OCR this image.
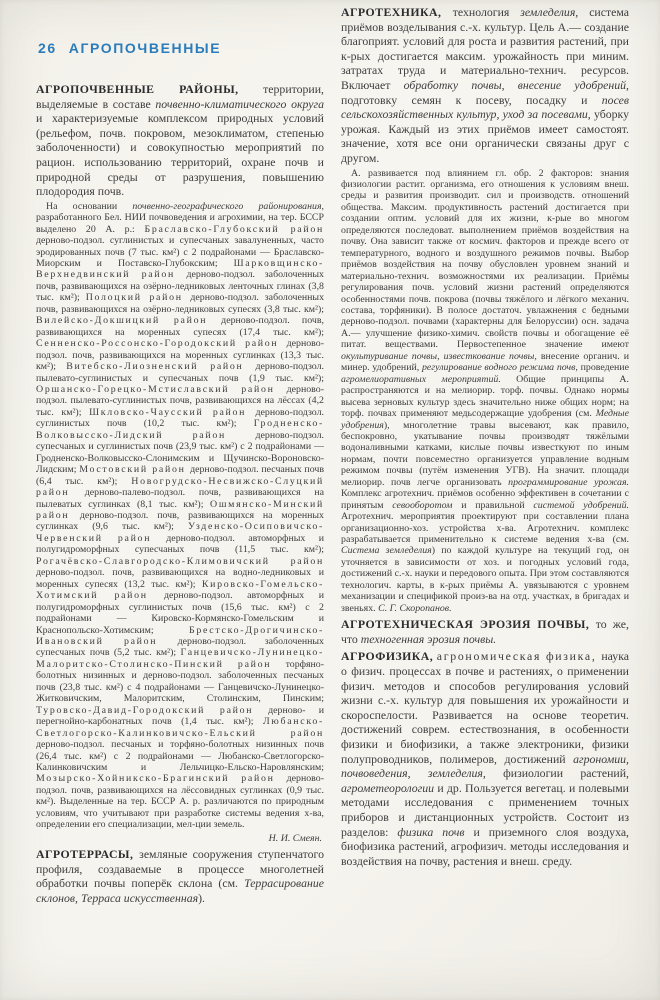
26 АГРОПОЧВЕННЫЕ

АГРОПОЧВЕННЫЕ РАЙОНЫ, территории, выделяемые в составе почвенно-климатического округа и характеризуемые комплексом природных условий (рельефом, почв. покровом, мезоклиматом, степенью заболоченности) и совокупностью мероприятий по рацион. использованию территорий, охране почв и природной среды от разрушения, повышению плодородия почв.

На основании почвенно-географического районирования, разработанного Бел. НИИ почвоведения и агрохимии, на тер. БССР выделено 20 А. р.: Браславско-Глубокский район дерново-подзол. суглинистых и супесчаных завалуненных, часто эродированных почв (7 тыс. км²) с 2 подрайонами — Браславско-Миорским и Поставско-Глубокским; Шарковщинско-Верхнедвинский район дерново-подзол. заболоченных почв, развивающихся на озёрно-ледниковых ленточных глинах (3,8 тыс. км²); Полоцкий район дерново-подзол. заболоченных почв, развивающихся на озёрно-ледниковых супесях (3,8 тыс. км²); Вилейско-Докшицкий район дерново-подзол. почв, развивающихся на моренных супесях (17,4 тыс. км²); Сенненско-Россонско-Городокский район дерново-подзол. почв, развивающихся на моренных суглинках (13,3 тыс. км²); Витебско-Лиозненский район дерново-подзол. пылевато-суглинистых и супесчаных почв (1,9 тыс. км²); Оршанско-Горецко-Мстиславский район дерново-подзол. пылевато-суглинистых почв, развивающихся на лёссах (4,2 тыс. км²); Шкловско-Чаусский район дерново-подзол. суглинистых почв (10,2 тыс. км²); Гродненско-Волковысско-Лидский район дерново-подзол. супесчаных и суглинистых почв (23,9 тыс. км²) с 2 подрайонами — Гродненско-Волковысско-Слонимским и Щучинско-Вороновско-Лидским; Мостовский район дерново-подзол. песчаных почв (6,4 тыс. км²); Новогрудско-Несвижско-Слуцкий район дерново-палево-подзол. почв, развивающихся на пылеватых суглинках (8,1 тыс. км²); Ошмянско-Минский район дерново-подзол. почв, развивающихся на моренных суглинках (9,6 тыс. км²); Узденско-Осиповичско-Червенский район дерново-подзол. автоморфных и полугидроморфных супесчаных почв (11,5 тыс. км²); Рогачёвско-Славгородско-Климовичский район дерново-подзол. почв, развивающихся на водно-ледниковых и моренных супесях (13,2 тыс. км²); Кировско-Гомельско-Хотимский район дерново-подзол. автоморфных и полугидроморфных суглинистых почв (15,6 тыс. км²) с 2 подрайонами — Кировско-Кормянско-Гомельским и Краснопольско-Хотимским; Брестско-Дрогичинско-Ивановский район дерново-подзол. заболоченных супесчаных почв (5,2 тыс. км²); Ганцевичско-Лунинецко-Малоритско-Столинско-Пинский район торфяно-болотных низинных и дерново-подзол. заболоченных песчаных почв (23,8 тыс. км²) с 4 подрайонами — Ганцевичско-Лунинецко-Житковичским, Малоритским, Столинским, Пинским; Туровско-Давид-Городокский район дерново- и перегнойно-карбонатных почв (1,4 тыс. км²); Любанско-Светлогорско-Калинковичско-Ельский район дерново-подзол. песчаных и торфяно-болотных низинных почв (26,4 тыс. км²) с 2 подрайонами — Любанско-Светлогорско-Калинковичским и Лельчицко-Ельско-Наровлянским; Мозырско-Хойникско-Брагинский район дерново-подзол. почв, развивающихся на лёссовидных суглинках (0,9 тыс. км²). Выделенные на тер. БССР А. р. различаются по природным условиям, что учитывают при разработке системы ведения х-ва, определении его специализации, мел-ции земель.

Н. И. Смеян.

АГРОТЕРРАСЫ, земляные сооружения ступенчатого профиля, создаваемые в процессе многолетней обработки почвы поперёк склона (см. Террасирование склонов, Терраса искусственная).

АГРОТЕХНИКА, технология земледелия, система приёмов возделывания с.-х. культур. Цель А.— создание благоприят. условий для роста и развития растений, при к-рых достигается максим. урожайность при миним. затратах труда и материально-технич. ресурсов. Включает обработку почвы, внесение удобрений, подготовку семян к посеву, посадку и посев сельскохозяйственных культур, уход за посевами, уборку урожая. Каждый из этих приёмов имеет самостоят. значение, хотя все они органически связаны друг с другом.

А. развивается под влиянием гл. обр. 2 факторов: знания физиологии растит. организма, его отношения к условиям внеш. среды и развития производит. сил и производств. отношений общества. Максим. продуктивность растений достигается при создании оптим. условий для их жизни, к-рые во многом определяются последоват. выполнением приёмов воздействия на почву. Она зависит также от космич. факторов и прежде всего от температурного, водного и воздушного режимов почвы. Выбор приёмов воздействия на почву обусловлен уровнем знаний и материально-технич. возможностями их реализации. Приёмы регулирования почв. условий жизни растений определяются особенностями почв. покрова (почвы тяжёлого и лёгкого механич. состава, торфяники). В полосе достаточ. увлажнения с бедными дерново-подзол. почвами (характерны для Белоруссии) осн. задача А.— улучшение физико-химич. свойств почвы и обогащение её питат. веществами. Первостепенное значение имеют окультуривание почвы, известкование почвы, внесение органич. и минер. удобрений, регулирование водного режима почв, проведение агромелиоративных мероприятий. Общие принципы А. распространяются и на мелиорир. торф. почвы. Однако нормы высева зерновых культур здесь значительно ниже общих норм; на торф. почвах применяют медьсодержащие удобрения (см. Медные удобрения), многолетние травы высевают, как правило, беспокровно, укатывание почвы производят тяжёлыми водоналивными катками, кислые почвы известкуют по иным нормам, почти повсеместно организуется управление водным режимом почвы (путём изменения УГВ). На значит. площади мелиорир. почв легче организовать программирование урожая. Комплекс агротехнич. приёмов особенно эффективен в сочетании с принятым севооборотом и правильной системой удобрений. Агротехнич. мероприятия проектируют при составлении плана организационно-хоз. устройства х-ва. Агротехнич. комплекс разрабатывается применительно к системе ведения х-ва (см. Система земледелия) по каждой культуре на текущий год, он уточняется в зависимости от хоз. и погодных условий года, достижений с.-х. науки и передового опыта. При этом составляются технологич. карты, в к-рых приёмы А. увязываются с уровнем механизации и спецификой произ-ва на отд. участках, в бригадах и звеньях. С. Г. Скоропанов.

АГРОТЕХНИЧЕСКАЯ ЭРОЗИЯ ПОЧВЫ, то же, что техногенная эрозия почвы.

АГРОФИЗИКА, агрономическая физика, наука о физич. процессах в почве и растениях, о применении физич. методов и способов регулирования условий жизни с.-х. культур для повышения их урожайности и скороспелости. Развивается на основе теоретич. достижений соврем. естествознания, в особенности физики и биофизики, а также электроники, физики полупроводников, полимеров, достижений агрономии, почвоведения, земледелия, физиологии растений, агрометеорологии и др. Пользуется вегетац. и полевыми методами исследования с применением точных приборов и дистанционных устройств. Состоит из разделов: физика почв и приземного слоя воздуха, биофизика растений, агрофизич. методы исследования и воздействия на почву, растения и внеш. среду.
